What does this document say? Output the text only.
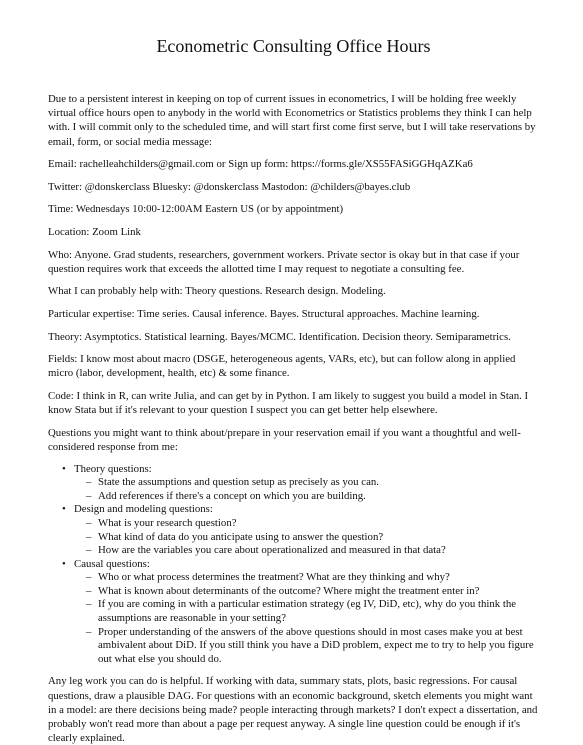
Econometric Consulting Office Hours

Due to a persistent interest in keeping on top of current issues in econometrics, I will be holding free weekly virtual office hours open to anybody in the world with Econometrics or Statistics problems they think I can help with. I will commit only to the scheduled time, and will start first come first serve, but I will take reservations by email, form, or social media message:

Email: rachelleahchilders@gmail.com or Sign up form: https://forms.gle/XS55FASiGGHqAZKa6

Twitter: @donskerclass Bluesky: @donskerclass Mastodon: @childers@bayes.club

Time: Wednesdays 10:00-12:00AM Eastern US (or by appointment)

Location: Zoom Link

Who: Anyone. Grad students, researchers, government workers. Private sector is okay but in that case if your question requires work that exceeds the allotted time I may request to negotiate a consulting fee.

What I can probably help with: Theory questions. Research design. Modeling.

Particular expertise: Time series. Causal inference. Bayes. Structural approaches. Machine learning.

Theory: Asymptotics. Statistical learning. Bayes/MCMC. Identification. Decision theory. Semiparametrics.

Fields: I know most about macro (DSGE, heterogeneous agents, VARs, etc), but can follow along in applied micro (labor, development, health, etc) & some finance.

Code: I think in R, can write Julia, and can get by in Python. I am likely to suggest you build a model in Stan. I know Stata but if it's relevant to your question I suspect you can get better help elsewhere.

Questions you might want to think about/prepare in your reservation email if you want a thoughtful and well-considered response from me:

• Theory questions:
– State the assumptions and question setup as precisely as you can.
– Add references if there's a concept on which you are building.
• Design and modeling questions:
– What is your research question?
– What kind of data do you anticipate using to answer the question?
– How are the variables you care about operationalized and measured in that data?
• Causal questions:
– Who or what process determines the treatment? What are they thinking and why?
– What is known about determinants of the outcome? Where might the treatment enter in?
– If you are coming in with a particular estimation strategy (eg IV, DiD, etc), why do you think the assumptions are reasonable in your setting?
– Proper understanding of the answers of the above questions should in most cases make you at best ambivalent about DiD. If you still think you have a DiD problem, expect me to try to help you figure out what else you should do.

Any leg work you can do is helpful. If working with data, summary stats, plots, basic regressions. For causal questions, draw a plausible DAG. For questions with an economic background, sketch elements you might want in a model: are there decisions being made? people interacting through markets? I don't expect a dissertation, and probably won't read more than about a page per request anyway. A single line question could be enough if it's clearly explained.
